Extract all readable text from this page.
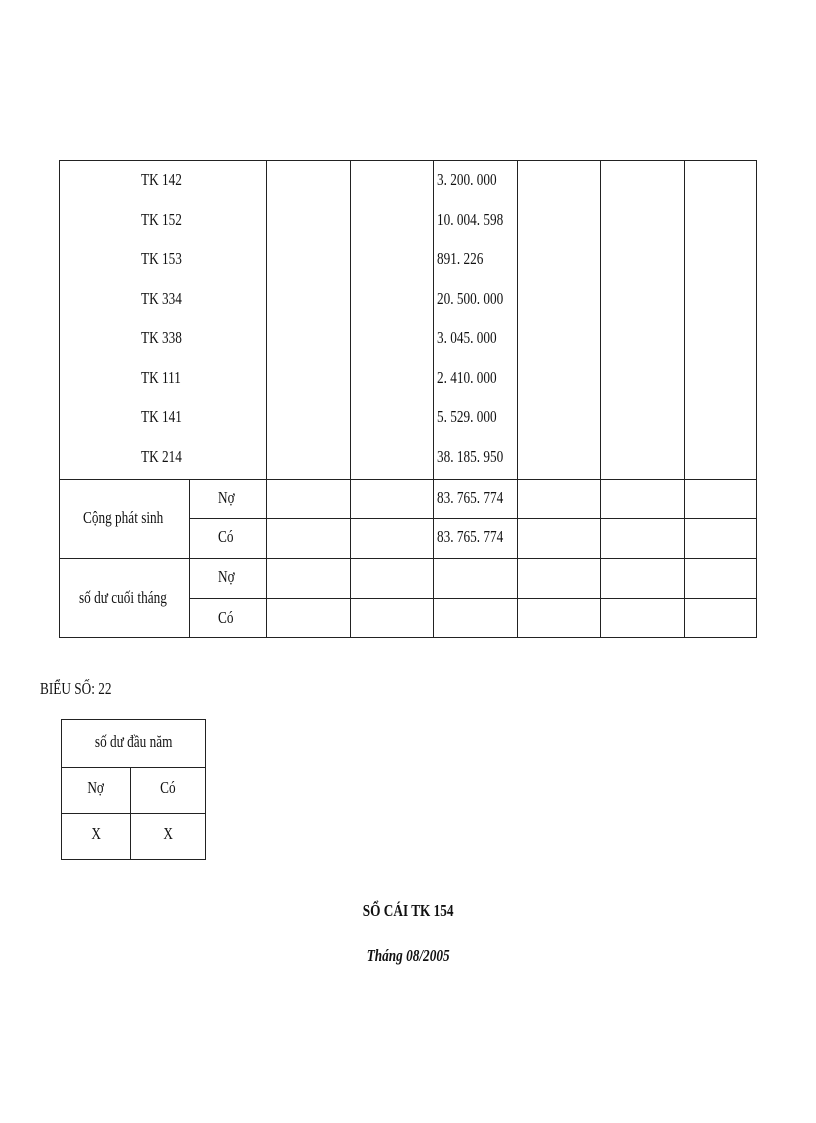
TK 142	3. 200. 000
TK 152	10. 004. 598
TK 153	891. 226
TK 334	20. 500. 000
TK 338	3. 045. 000
TK 111	2. 410. 000
TK 141	5. 529. 000
TK 214	38. 185. 950
Cộng phát sinh
Nợ	83. 765. 774
Có	83. 765. 774
số dư cuối tháng
Nợ
Có
BIỂU SỐ: 22
số dư đầu năm
Nợ	Có
X	X
SỔ CÁI TK 154
Tháng 08/2005
